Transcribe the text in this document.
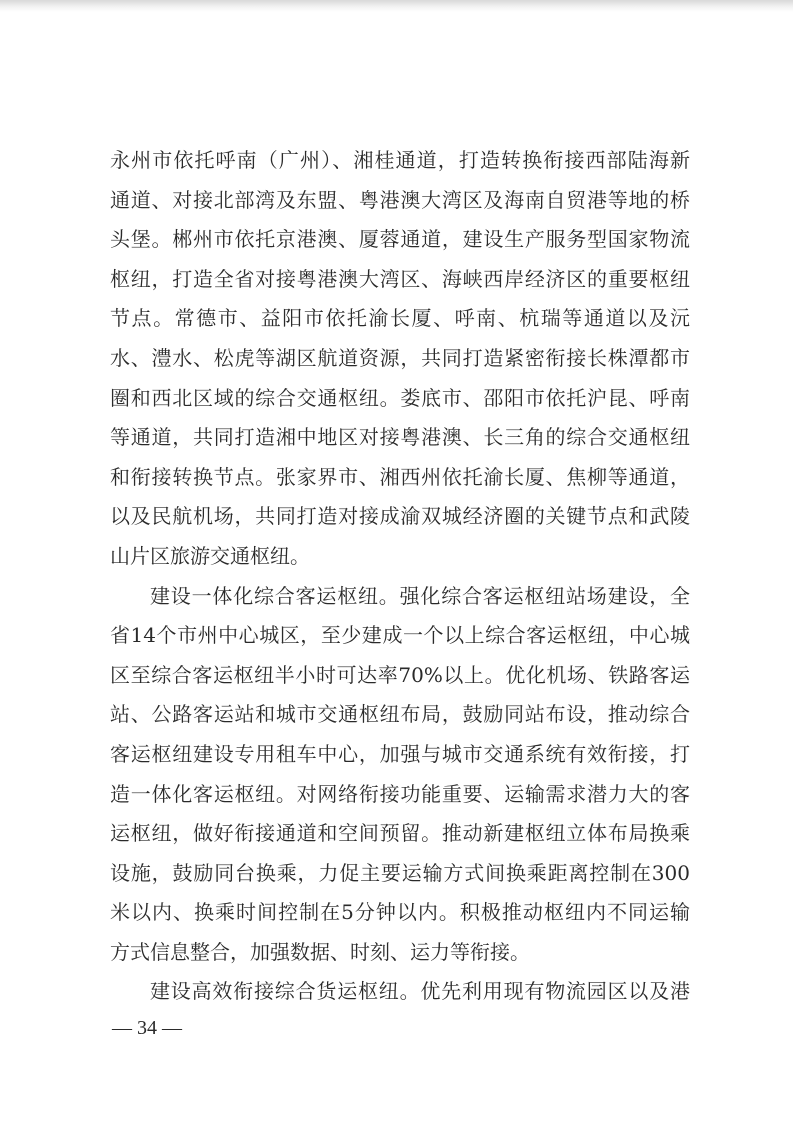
永州市依托呼南（广州）、湘桂通道，打造转换衔接西部陆海新
通道、对接北部湾及东盟、粤港澳大湾区及海南自贸港等地的桥
头堡。郴州市依托京港澳、厦蓉通道，建设生产服务型国家物流
枢纽，打造全省对接粤港澳大湾区、海峡西岸经济区的重要枢纽
节点。常德市、益阳市依托渝长厦、呼南、杭瑞等通道以及沅
水、澧水、松虎等湖区航道资源，共同打造紧密衔接长株潭都市
圈和西北区域的综合交通枢纽。娄底市、邵阳市依托沪昆、呼南
等通道，共同打造湘中地区对接粤港澳、长三角的综合交通枢纽
和衔接转换节点。张家界市、湘西州依托渝长厦、焦柳等通道，
以及民航机场，共同打造对接成渝双城经济圈的关键节点和武陵
山片区旅游交通枢纽。
建设一体化综合客运枢纽。强化综合客运枢纽站场建设，全
省14个市州中心城区，至少建成一个以上综合客运枢纽，中心城
区至综合客运枢纽半小时可达率70%以上。优化机场、铁路客运
站、公路客运站和城市交通枢纽布局，鼓励同站布设，推动综合
客运枢纽建设专用租车中心，加强与城市交通系统有效衔接，打
造一体化客运枢纽。对网络衔接功能重要、运输需求潜力大的客
运枢纽，做好衔接通道和空间预留。推动新建枢纽立体布局换乘
设施，鼓励同台换乘，力促主要运输方式间换乘距离控制在300
米以内、换乘时间控制在5分钟以内。积极推动枢纽内不同运输
方式信息整合，加强数据、时刻、运力等衔接。
建设高效衔接综合货运枢纽。优先利用现有物流园区以及港
— 34 —
